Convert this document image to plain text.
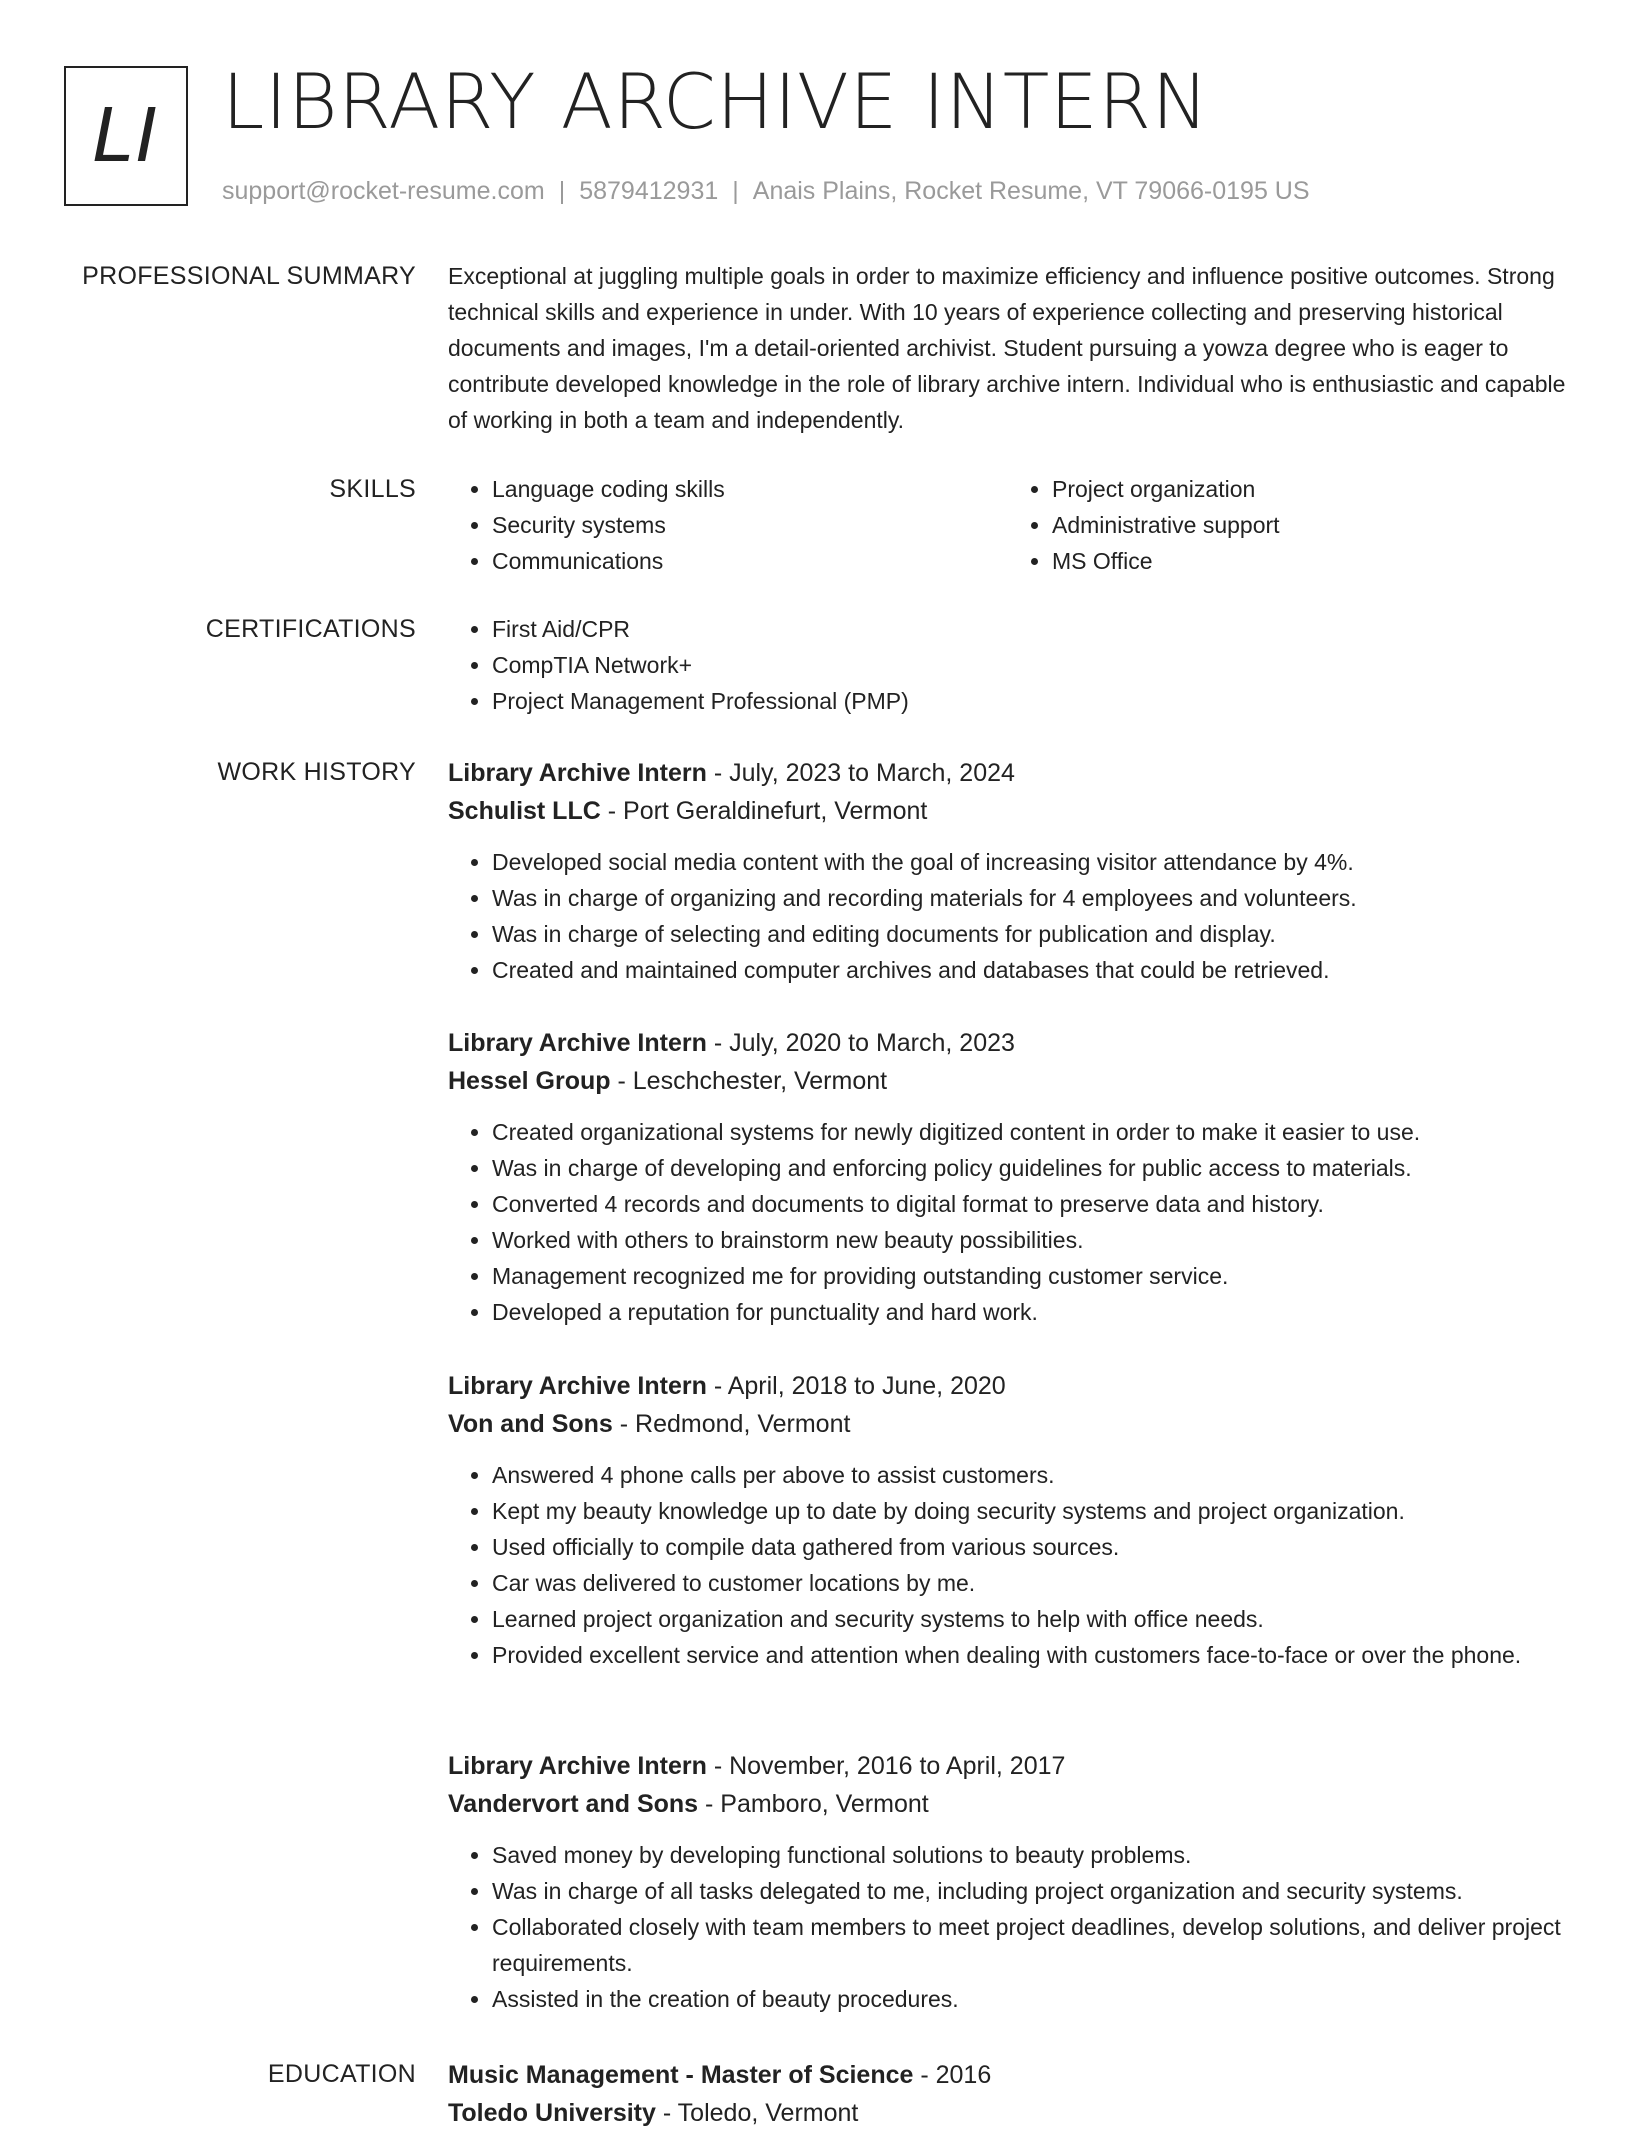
LI LIBRARY ARCHIVE INTERN
support@rocket-resume.com | 5879412931 | Anais Plains, Rocket Resume, VT 79066-0195 US
PROFESSIONAL SUMMARY Exceptional at juggling multiple goals in order to maximize efficiency and influence positive outcomes. Strong technical skills and experience in under. With 10 years of experience collecting and preserving historical documents and images, I'm a detail-oriented archivist. Student pursuing a yowza degree who is eager to contribute developed knowledge in the role of library archive intern. Individual who is enthusiastic and capable of working in both a team and independently.
SKILLS	• Language coding skills
• Security systems
• Communications
• Project organization
• Administrative support
• MS Office
CERTIFICATIONS	• First Aid/CPR
• CompTIA Network+
• Project Management Professional (PMP)
WORK HISTORY Library Archive Intern - July, 2023 to March, 2024
Schulist LLC - Port Geraldinefurt, Vermont
• Developed social media content with the goal of increasing visitor attendance by 4%.
• Was in charge of organizing and recording materials for 4 employees and volunteers.
• Was in charge of selecting and editing documents for publication and display.
• Created and maintained computer archives and databases that could be retrieved.
Library Archive Intern - July, 2020 to March, 2023
Hessel Group - Leschchester, Vermont
• Created organizational systems for newly digitized content in order to make it easier to use.
• Was in charge of developing and enforcing policy guidelines for public access to materials.
• Converted 4 records and documents to digital format to preserve data and history.
• Worked with others to brainstorm new beauty possibilities.
• Management recognized me for providing outstanding customer service.
• Developed a reputation for punctuality and hard work.
Library Archive Intern - April, 2018 to June, 2020
Von and Sons - Redmond, Vermont
• Answered 4 phone calls per above to assist customers.
• Kept my beauty knowledge up to date by doing security systems and project organization.
• Used officially to compile data gathered from various sources.
• Car was delivered to customer locations by me.
• Learned project organization and security systems to help with office needs.
• Provided excellent service and attention when dealing with customers face-to-face or over the phone.
Library Archive Intern - November, 2016 to April, 2017
Vandervort and Sons - Pamboro, Vermont
• Saved money by developing functional solutions to beauty problems.
• Was in charge of all tasks delegated to me, including project organization and security systems.
• Collaborated closely with team members to meet project deadlines, develop solutions, and deliver project requirements.
• Assisted in the creation of beauty procedures.
EDUCATION Music Management - Master of Science - 2016
Toledo University - Toledo, Vermont
